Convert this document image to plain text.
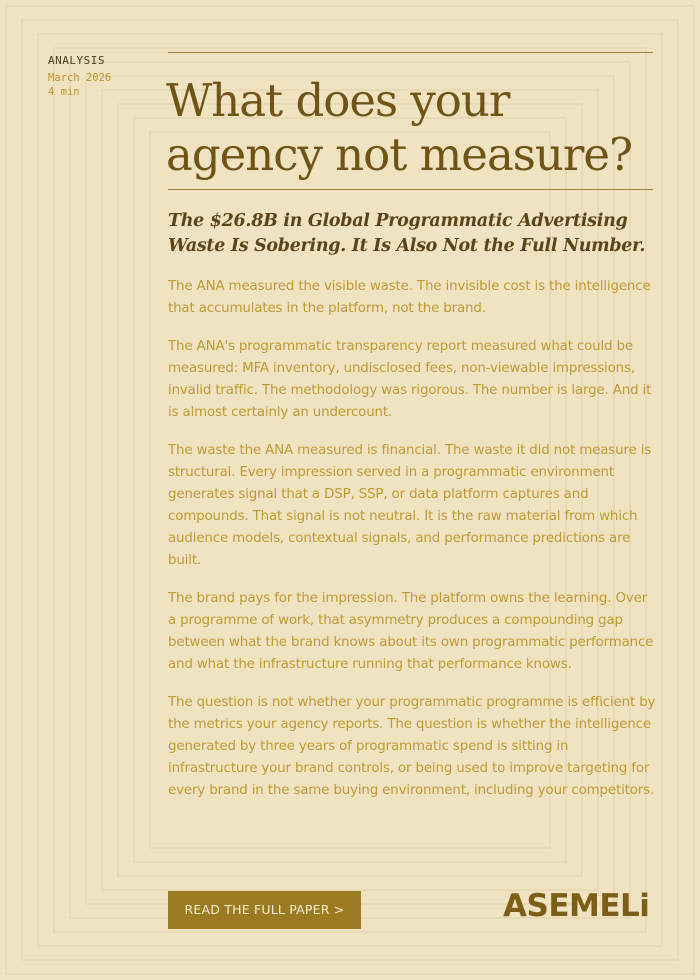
ANALYSIS
March 2026
4 min	What does your agency not measure?
The $26.8B in Global Programmatic Advertising Waste Is Sobering. It Is Also Not the Full Number.

The ANA measured the visible waste. The invisible cost is the intelligence that accumulates in the platform, not the brand.

The ANA's programmatic transparency report measured what could be measured: MFA inventory, undisclosed fees, non-viewable impressions, invalid traffic. The methodology was rigorous. The number is large. And it is almost certainly an undercount.

The waste the ANA measured is financial. The waste it did not measure is structural. Every impression served in a programmatic environment generates signal that a DSP, SSP, or data platform captures and compounds. That signal is not neutral. It is the raw material from which audience models, contextual signals, and performance predictions are built.

The brand pays for the impression. The platform owns the learning. Over a programme of work, that asymmetry produces a compounding gap between what the brand knows about its own programmatic performance and what the infrastructure running that performance knows.

The question is not whether your programmatic programme is efficient by the metrics your agency reports. The question is whether the intelligence generated by three years of programmatic spend is sitting in infrastructure your brand controls, or being used to improve targeting for every brand in the same buying environment, including your competitors.

READ THE FULL PAPER >	ASEMELi
